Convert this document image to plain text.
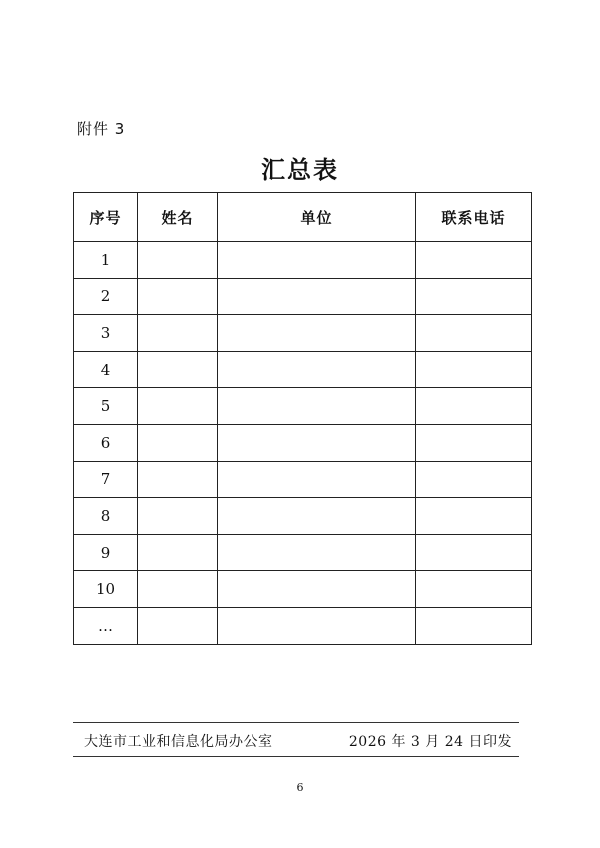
附件 3
汇总表
序号	姓名	单位	联系电话
1			
2			
3			
4			
5			
6			
7			
8			
9			
10			
…			
大连市工业和信息化局办公室	2026 年 3 月 24 日印发
6
